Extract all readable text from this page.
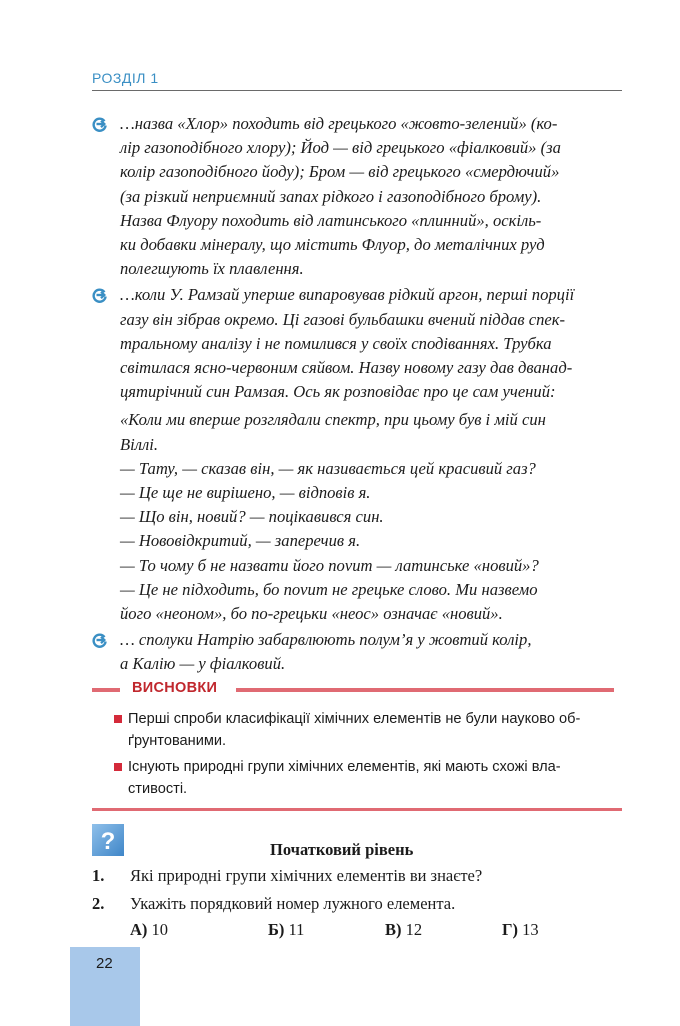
РОЗДІЛ 1

…назва «Хлор» походить від грецького «жовто-зелений» (ко-

лір газоподібного хлору); Йод — від грецького «фіалковий» (за

колір газоподібного йоду); Бром — від грецького «смердючий»

(за різкий неприємний запах рідкого і газоподібного брому).

Назва Флуору походить від латинського «плинний», оскіль-

ки добавки мінералу, що містить Флуор, до металічних руд

полегшують їх плавлення.

…коли У. Рамзай уперше випаровував рідкий аргон, перші порції

газу він зібрав окремо. Ці газові бульбашки вчений піддав спек-

тральному аналізу і не помилився у своїх сподіваннях. Трубка

світилася ясно-червоним сяйвом. Назву новому газу дав дванад-

цятирічний син Рамзая. Ось як розповідає про це сам учений:

«Коли ми вперше розглядали спектр, при цьому був і мій син

Віллі.

— Тату, — сказав він, — як називається цей красивий газ?

— Це ще не вирішено, — відповів я.

— Що він, новий? — поцікавився син.

— Нововідкритий, — заперечив я.

— То чому б не назвати його novum — латинське «новий»?

— Це не підходить, бо novum не грецьке слово. Ми назвемо

його «неоном», бо по-грецьки «неос» означає «новий».

… сполуки Натрію забарвлюють полум’я у жовтий колір,

а Калію — у фіалковий.

ВИСНОВКИ
Перші спроби класифікації хімічних елементів не були науково об-
ґрунтованими.
Існують природні групи хімічних елементів, які мають схожі вла-
стивості.
?	Початковий рівень
1. Які природні групи хімічних елементів ви знаєте?
2. Укажіть порядковий номер лужного елемента.
А) 10	Б) 11	В) 12	Г) 13
22
